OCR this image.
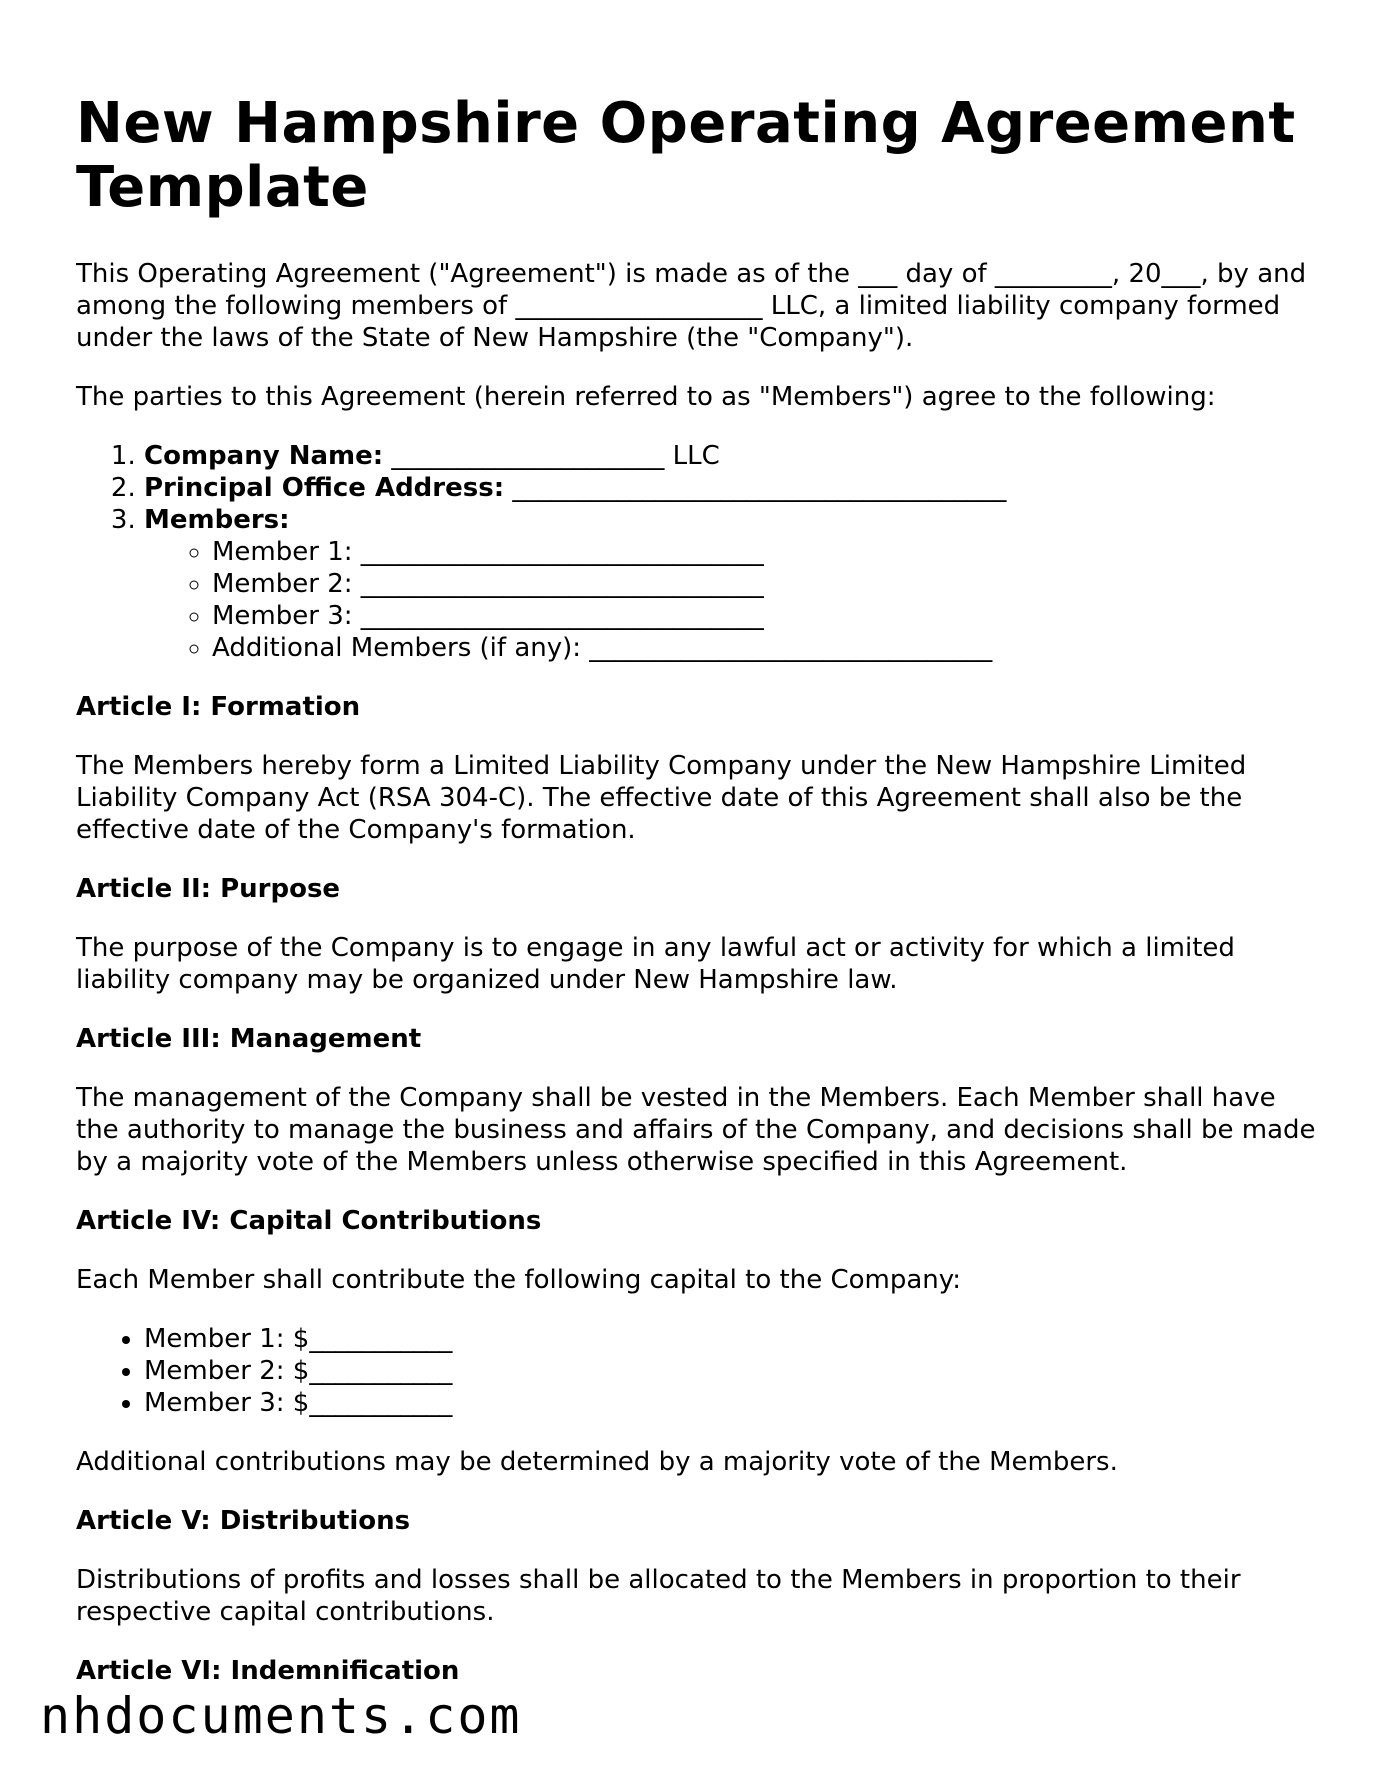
New Hampshire Operating Agreement Template

This Operating Agreement ("Agreement") is made as of the ___ day of _________, 20___, by and among the following members of ___________________ LLC, a limited liability company formed under the laws of the State of New Hampshire (the "Company").

The parties to this Agreement (herein referred to as "Members") agree to the following:

1. Company Name: _____________________ LLC
2. Principal Office Address: ______________________________________
3. Members:
◦ Member 1: _______________________________
◦ Member 2: _______________________________
◦ Member 3: _______________________________
◦ Additional Members (if any): _______________________________
Article I: Formation

The Members hereby form a Limited Liability Company under the New Hampshire Limited Liability Company Act (RSA 304-C). The effective date of this Agreement shall also be the effective date of the Company's formation.

Article II: Purpose

The purpose of the Company is to engage in any lawful act or activity for which a limited liability company may be organized under New Hampshire law.

Article III: Management

The management of the Company shall be vested in the Members. Each Member shall have the authority to manage the business and affairs of the Company, and decisions shall be made by a majority vote of the Members unless otherwise specified in this Agreement.

Article IV: Capital Contributions

Each Member shall contribute the following capital to the Company:

• Member 1: $___________
• Member 2: $___________
• Member 3: $___________

Additional contributions may be determined by a majority vote of the Members.

Article V: Distributions

Distributions of profits and losses shall be allocated to the Members in proportion to their respective capital contributions.

Article VI: Indemnification
nhdocuments.com
